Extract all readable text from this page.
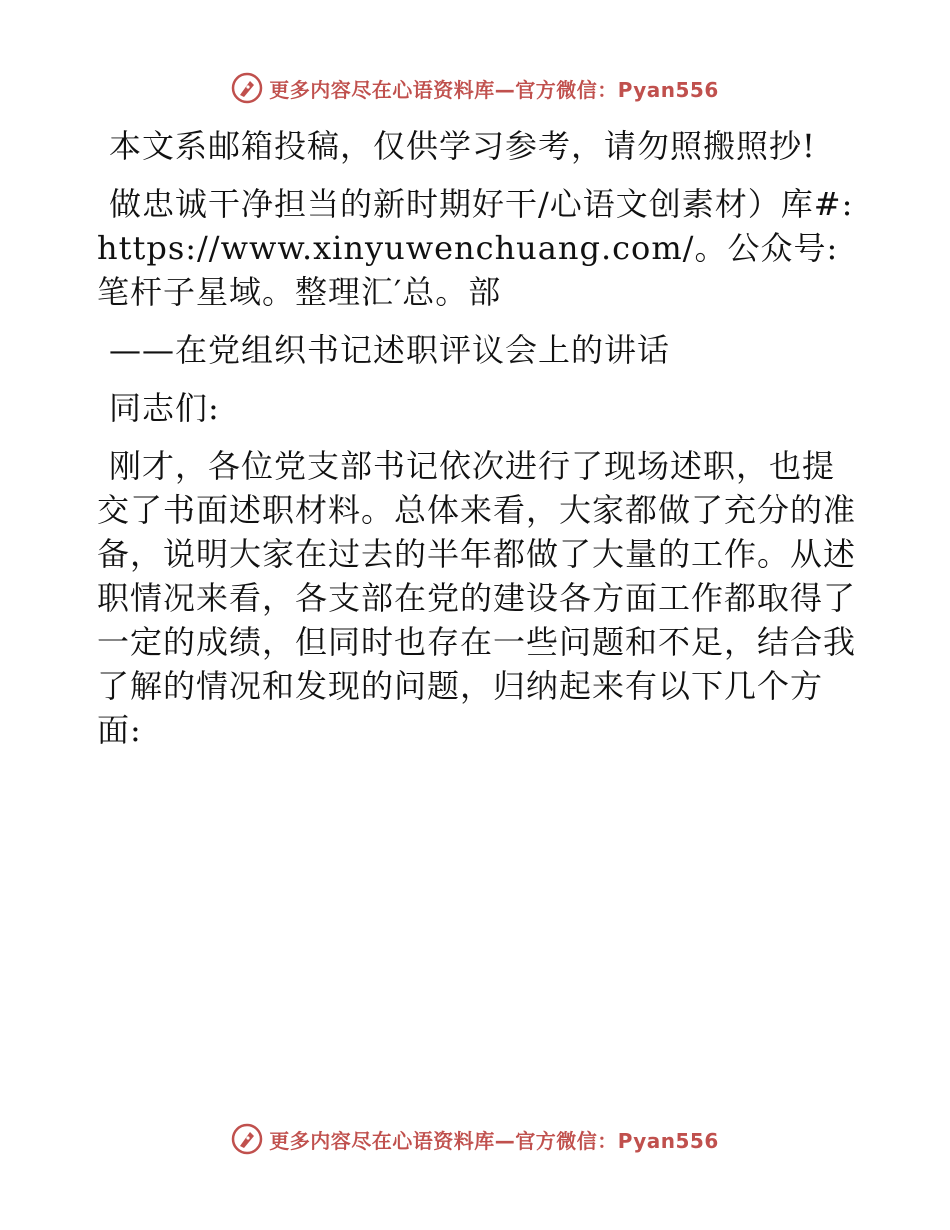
更多内容尽在心语资料库—官方微信：Pyan556

本文系邮箱投稿，仅供学习参考，请勿照搬照抄!

做忠诚干净担当的新时期好干/心语文创素材）库#: https://www.xinyuwenchuang.com/。公众号:笔杆子星域。整理汇′总。部

——在党组织书记述职评议会上的讲话

同志们:

刚才，各位党支部书记依次进行了现场述职，也提交了书面述职材料。总体来看，大家都做了充分的准备，说明大家在过去的半年都做了大量的工作。从述职情况来看，各支部在党的建设各方面工作都取得了一定的成绩，但同时也存在一些问题和不足，结合我了解的情况和发现的问题，归纳起来有以下几个方面:

更多内容尽在心语资料库—官方微信：Pyan556
